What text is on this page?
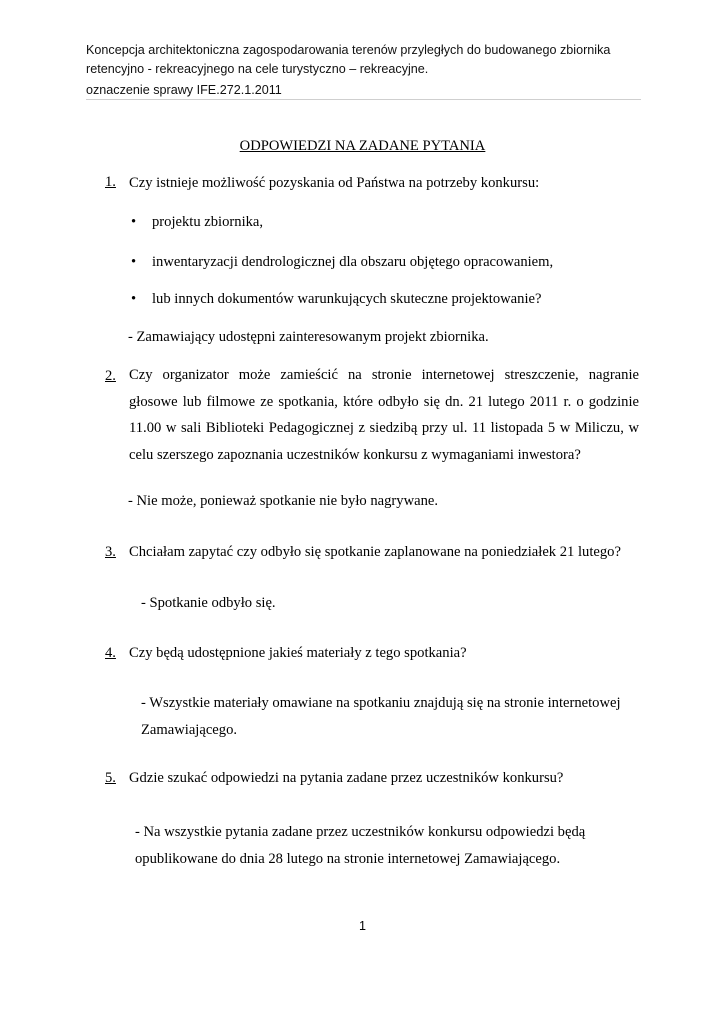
Koncepcja architektoniczna zagospodarowania terenów przyległych do budowanego zbiornika
retencyjno - rekreacyjnego na cele turystyczno – rekreacyjne.
oznaczenie sprawy IFE.272.1.2011
ODPOWIEDZI NA ZADANE PYTANIA
1. Czy istnieje możliwość pozyskania od Państwa na potrzeby konkursu:
• projektu zbiornika,
• inwentaryzacji dendrologicznej dla obszaru objętego opracowaniem,
• lub innych dokumentów warunkujących skuteczne projektowanie?
- Zamawiający udostępni zainteresowanym projekt zbiornika.
2. Czy organizator może zamieścić na stronie internetowej streszczenie, nagranie głosowe lub filmowe ze spotkania, które odbyło się dn. 21 lutego 2011 r. o godzinie 11.00 w sali Biblioteki Pedagogicznej z siedzibą przy ul. 11 listopada 5 w Miliczu, w celu szerszego zapoznania uczestników konkursu z wymaganiami inwestora?
- Nie może, ponieważ spotkanie nie było nagrywane.
3. Chciałam zapytać czy odbyło się spotkanie zaplanowane na poniedziałek 21 lutego?
- Spotkanie odbyło się.
4. Czy będą udostępnione jakieś materiały z tego spotkania?
- Wszystkie materiały omawiane na spotkaniu znajdują się na stronie internetowej Zamawiającego.
5. Gdzie szukać odpowiedzi na pytania zadane przez uczestników konkursu?
- Na wszystkie pytania zadane przez uczestników konkursu odpowiedzi będą opublikowane do dnia 28 lutego na stronie internetowej Zamawiającego.
1
